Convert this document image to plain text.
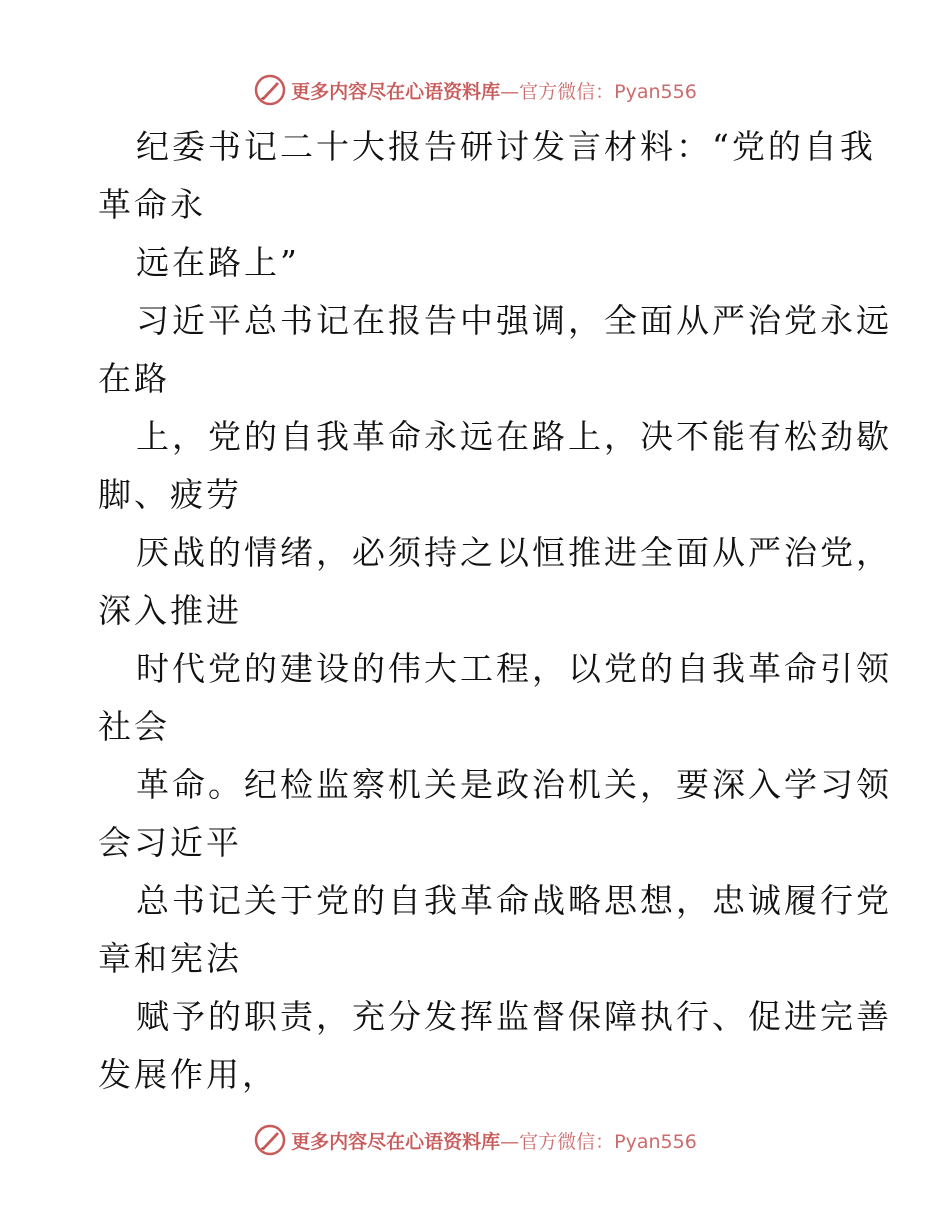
更多内容尽在心语资料库—官方微信：Pyan556
纪委书记二十大报告研讨发言材料：“党的自我
革命永
远在路上”
习近平总书记在报告中强调，全面从严治党永远
在路
上，党的自我革命永远在路上，决不能有松劲歇
脚、疲劳
厌战的情绪，必须持之以恒推进全面从严治党，
深入推进
时代党的建设的伟大工程，以党的自我革命引领
社会
革命。纪检监察机关是政治机关，要深入学习领
会习近平
总书记关于党的自我革命战略思想，忠诚履行党
章和宪法
赋予的职责，充分发挥监督保障执行、促进完善
发展作用，
更多内容尽在心语资料库—官方微信：Pyan556
